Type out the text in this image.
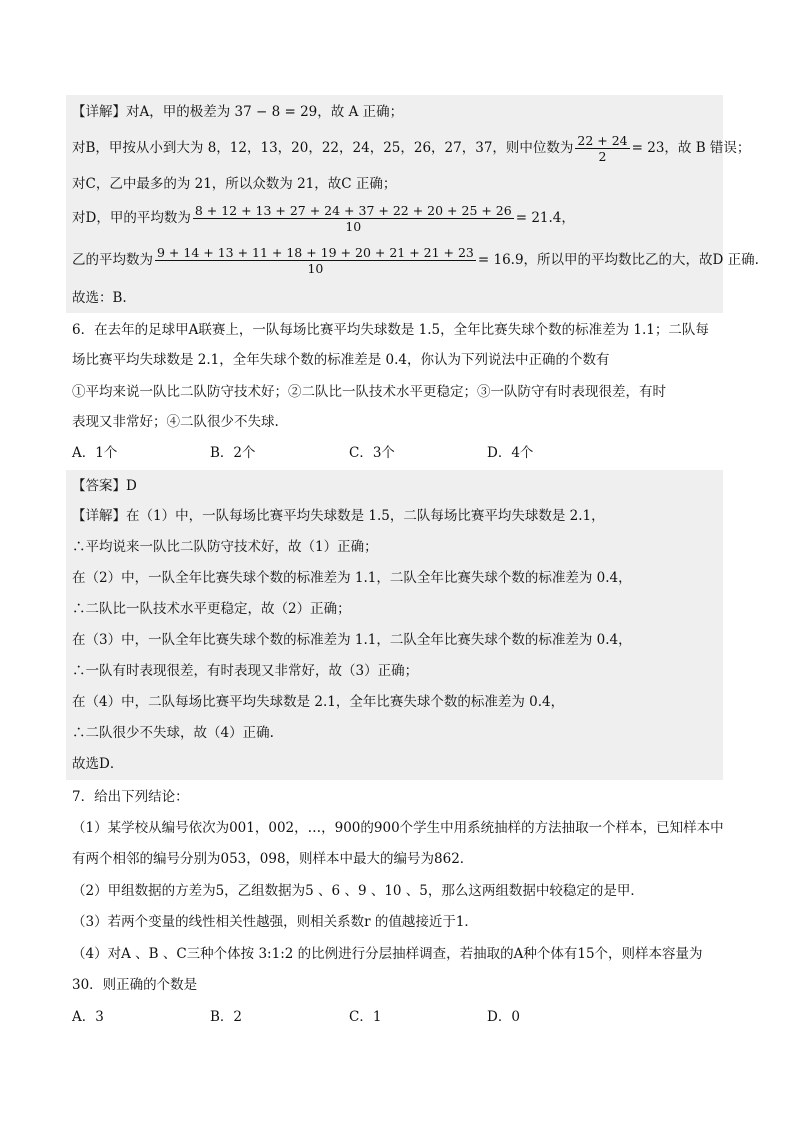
【详解】对A，甲的极差为 37 − 8 = 29，故 A 正确；
对B，甲按从小到大为 8，12，13，20，22，24，25，26，27，37，则中位数为 $\frac{22 + 24}{2} = 23$，故 B 错误；
对C，乙中最多的为 21，所以众数为 21，故C 正确；
对D，甲的平均数为 $\frac{8 + 12 + 13 + 27 + 24 + 37 + 22 + 20 + 25 + 26}{10} = 21.4$，
乙的平均数为 $\frac{9 + 14 + 13 + 11 + 18 + 19 + 20 + 21 + 21 + 23}{10} = 16.9$，所以甲的平均数比乙的大，故D 正确.
故选：B.
6．在去年的足球甲A联赛上，一队每场比赛平均失球数是 1.5，全年比赛失球个数的标准差为 1.1；二队每
场比赛平均失球数是 2.1，全年失球个数的标准差是 0.4，你认为下列说法中正确的个数有
①平均来说一队比二队防守技术好；②二队比一队技术水平更稳定；③一队防守有时表现很差，有时
表现又非常好；④二队很少不失球.
A．1个	B．2个	C．3个	D．4个
【答案】D
【详解】在（1）中，一队每场比赛平均失球数是 1.5，二队每场比赛平均失球数是 2.1，
∴平均说来一队比二队防守技术好，故（1）正确；
在（2）中，一队全年比赛失球个数的标准差为 1.1，二队全年比赛失球个数的标准差为 0.4，
∴二队比一队技术水平更稳定，故（2）正确；
在（3）中，一队全年比赛失球个数的标准差为 1.1，二队全年比赛失球个数的标准差为 0.4，
∴一队有时表现很差，有时表现又非常好，故（3）正确；
在（4）中，二队每场比赛平均失球数是 2.1，全年比赛失球个数的标准差为 0.4，
∴二队很少不失球，故（4）正确.
故选D．
7．给出下列结论：
（1）某学校从编号依次为001，002，…，900的900个学生中用系统抽样的方法抽取一个样本，已知样本中
有两个相邻的编号分别为053，098，则样本中最大的编号为862．
（2）甲组数据的方差为5，乙组数据为5 、6 、9 、10 、5，那么这两组数据中较稳定的是甲．
（3）若两个变量的线性相关性越强，则相关系数r 的值越接近于1．
（4）对A 、B 、C三种个体按 3:1:2 的比例进行分层抽样调查，若抽取的A种个体有15个，则样本容量为
30．则正确的个数是
A．3	B．2	C．1	D．0
